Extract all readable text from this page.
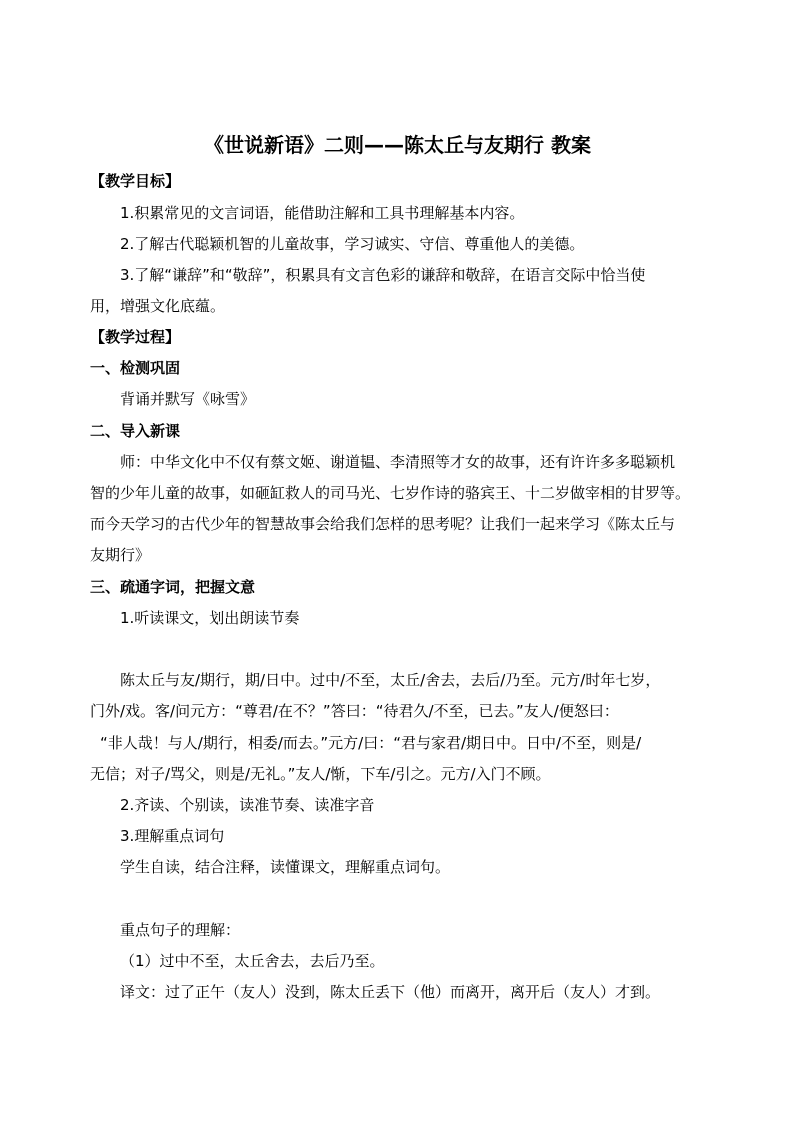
《世说新语》二则——陈太丘与友期行 教案
【教学目标】
1.积累常见的文言词语，能借助注解和工具书理解基本内容。
2.了解古代聪颖机智的儿童故事，学习诚实、守信、尊重他人的美德。
3.了解“谦辞”和“敬辞”，积累具有文言色彩的谦辞和敬辞，在语言交际中恰当使
用，增强文化底蕴。
【教学过程】
一、检测巩固
背诵并默写《咏雪》
二、导入新课
师：中华文化中不仅有蔡文姬、谢道韫、李清照等才女的故事，还有许许多多聪颖机
智的少年儿童的故事，如砸缸救人的司马光、七岁作诗的骆宾王、十二岁做宰相的甘罗等。
而今天学习的古代少年的智慧故事会给我们怎样的思考呢？让我们一起来学习《陈太丘与
友期行》
三、疏通字词，把握文意
1.听读课文，划出朗读节奏
陈太丘与友/期行，期/日中。过中/不至，太丘/舍去，去后/乃至。元方/时年七岁，
门外/戏。客/问元方：“尊君/在不？”答曰：“待君久/不至，已去。”友人/便怒曰：
“非人哉！与人/期行，相委/而去。”元方/曰：“君与家君/期日中。日中/不至，则是/
无信；对子/骂父，则是/无礼。”友人/惭，下车/引之。元方/入门不顾。
2.齐读、个别读，读准节奏、读准字音
3.理解重点词句
学生自读，结合注释，读懂课文，理解重点词句。
重点句子的理解：
（1）过中不至，太丘舍去，去后乃至。
译文：过了正午（友人）没到，陈太丘丢下（他）而离开，离开后（友人）才到。
